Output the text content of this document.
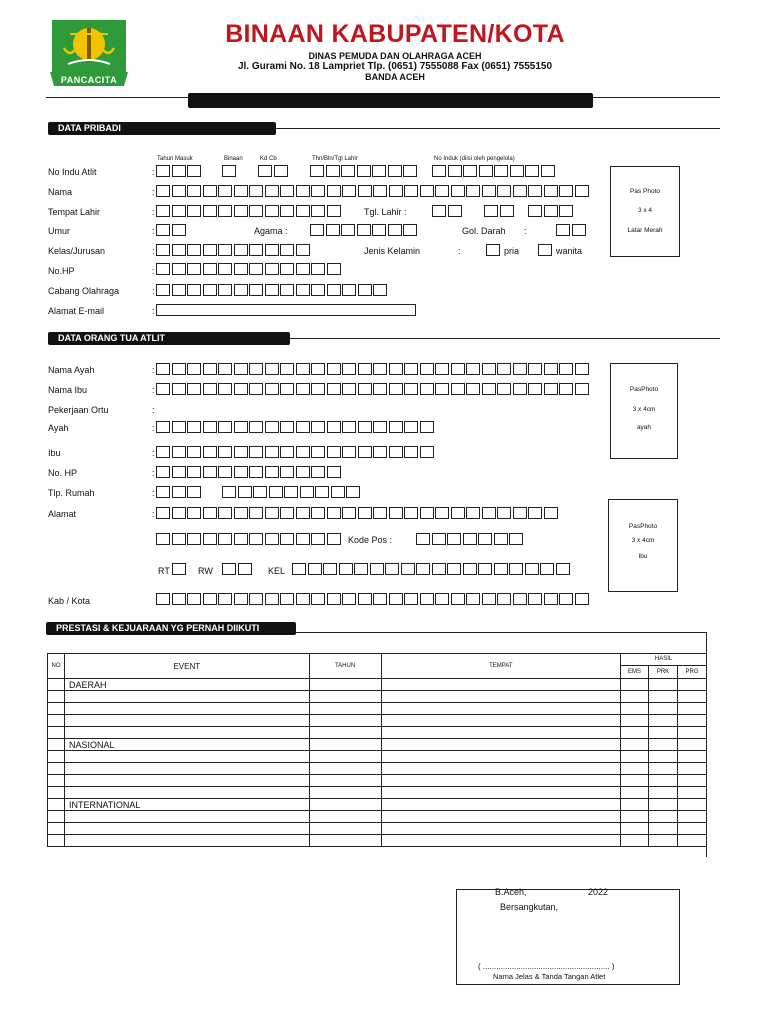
PANCACITA
BINAAN KABUPATEN/KOTA
DINAS PEMUDA DAN OLAHRAGA ACEH
Jl. Gurami No. 18 Lampriet Tlp. (0651) 7555088 Fax (0651) 7555150
BANDA ACEH
DATA PRIBADI
Tahun Masuk	Binaan	Kd Cb	Thn/Bln/Tgl Lahir	No Induk (diisi oleh pengelola)
No Indu Atlit	:
Nama	:
Tempat Lahir	:	Tgl. Lahir :
Umur	:	Agama :	Gol. Darah :
Kelas/Jurusan	:	Jenis Kelamin	:	pria	wanita
No.HP	:
Cabang Olahraga	:
Alamat E-mail	:
Pas Photo
3 x 4
Latar Merah
DATA ORANG TUA ATLIT
Nama Ayah	:
Nama Ibu	:
Pekerjaan Ortu	:
Ayah	:
Ibu	:
No. HP	:
Tlp. Rumah	:
Alamat	:
Kode Pos :
RT	RW	KEL
Kab / Kota
PasPhoto
3 x 4cm
ayah
PasPhoto
3 x 4cm
Ibu
PRESTASI & KEJUARAAN YG PERNAH DIIKUTI
NO	EVENT	TAHUN	TEMPAT	HASIL		
				EMS	PRK	PRG
	DAERAH					

	NASIONAL					

	INTERNATIONAL					

B.Aceh,	2022
Bersangkutan,
( ......................................................... )
Nama Jelas & Tanda Tangan Atlet
